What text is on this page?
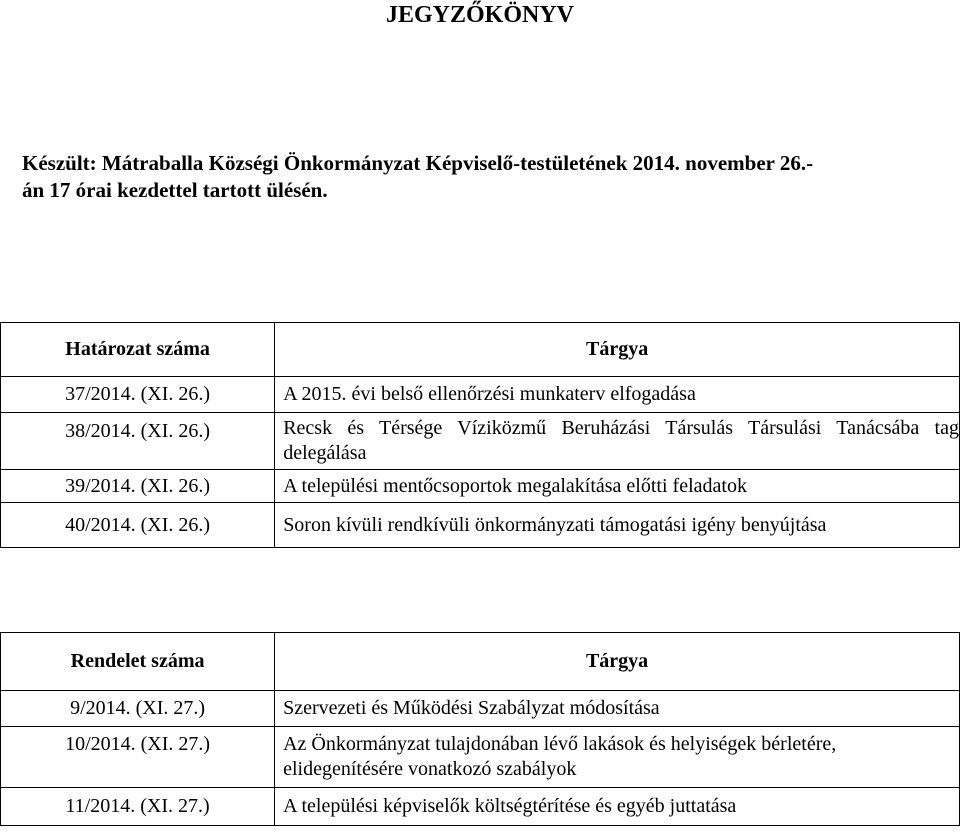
JEGYZŐKÖNYV
Készült: Mátraballa Községi Önkormányzat Képviselő-testületének 2014. november 26.-
án 17 órai kezdettel tartott ülésén.
Határozat száma	Tárgya
37/2014. (XI. 26.)	A 2015. évi belső ellenőrzési munkaterv elfogadása
38/2014. (XI. 26.)	Recsk és Térsége Víziközmű Beruházási Társulás Társulási Tanácsába tag delegálása
39/2014. (XI. 26.)	A települési mentőcsoportok megalakítása előtti feladatok
40/2014. (XI. 26.)	Soron kívüli rendkívüli önkormányzati támogatási igény benyújtása
Rendelet száma	Tárgya
9/2014. (XI. 27.)	Szervezeti és Működési Szabályzat módosítása
10/2014. (XI. 27.)	Az Önkormányzat tulajdonában lévő lakások és helyiségek bérletére, elidegenítésére vonatkozó szabályok
11/2014. (XI. 27.)	A települési képviselők költségtérítése és egyéb juttatása
